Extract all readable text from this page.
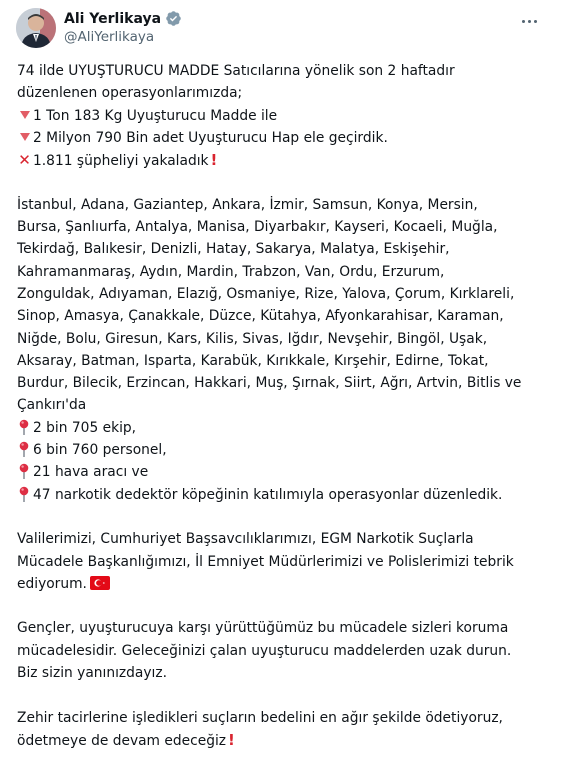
Ali Yerlikaya
@AliYerlikaya
74 ilde UYUŞTURUCU MADDE Satıcılarına yönelik son 2 haftadır
düzenlenen operasyonlarımızda;
1 Ton 183 Kg Uyuşturucu Madde ile
2 Milyon 790 Bin adet Uyuşturucu Hap ele geçirdik.
✕ 1.811 şüpheliyi yakaladık !
İstanbul, Adana, Gaziantep, Ankara, İzmir, Samsun, Konya, Mersin,
Bursa, Şanlıurfa, Antalya, Manisa, Diyarbakır, Kayseri, Kocaeli, Muğla,
Tekirdağ, Balıkesir, Denizli, Hatay, Sakarya, Malatya, Eskişehir,
Kahramanmaraş, Aydın, Mardin, Trabzon, Van, Ordu, Erzurum,
Zonguldak, Adıyaman, Elazığ, Osmaniye, Rize, Yalova, Çorum, Kırklareli,
Sinop, Amasya, Çanakkale, Düzce, Kütahya, Afyonkarahisar, Karaman,
Niğde, Bolu, Giresun, Kars, Kilis, Sivas, Iğdır, Nevşehir, Bingöl, Uşak,
Aksaray, Batman, Isparta, Karabük, Kırıkkale, Kırşehir, Edirne, Tokat,
Burdur, Bilecik, Erzincan, Hakkari, Muş, Şırnak, Siirt, Ağrı, Artvin, Bitlis ve
Çankırı'da
2 bin 705 ekip,
6 bin 760 personel,
21 hava aracı ve
47 narkotik dedektör köpeğinin katılımıyla operasyonlar düzenledik.
Valilerimizi, Cumhuriyet Başsavcılıklarımızı, EGM Narkotik Suçlarla
Mücadele Başkanlığımızı, İl Emniyet Müdürlerimizi ve Polislerimizi tebrik
ediyorum.
Gençler, uyuşturucuya karşı yürüttüğümüz bu mücadele sizleri koruma
mücadelesidir. Geleceğinizi çalan uyuşturucu maddelerden uzak durun.
Biz sizin yanınızdayız.
Zehir tacirlerine işledikleri suçların bedelini en ağır şekilde ödetiyoruz,
ödetmeye de devam edeceğiz !
